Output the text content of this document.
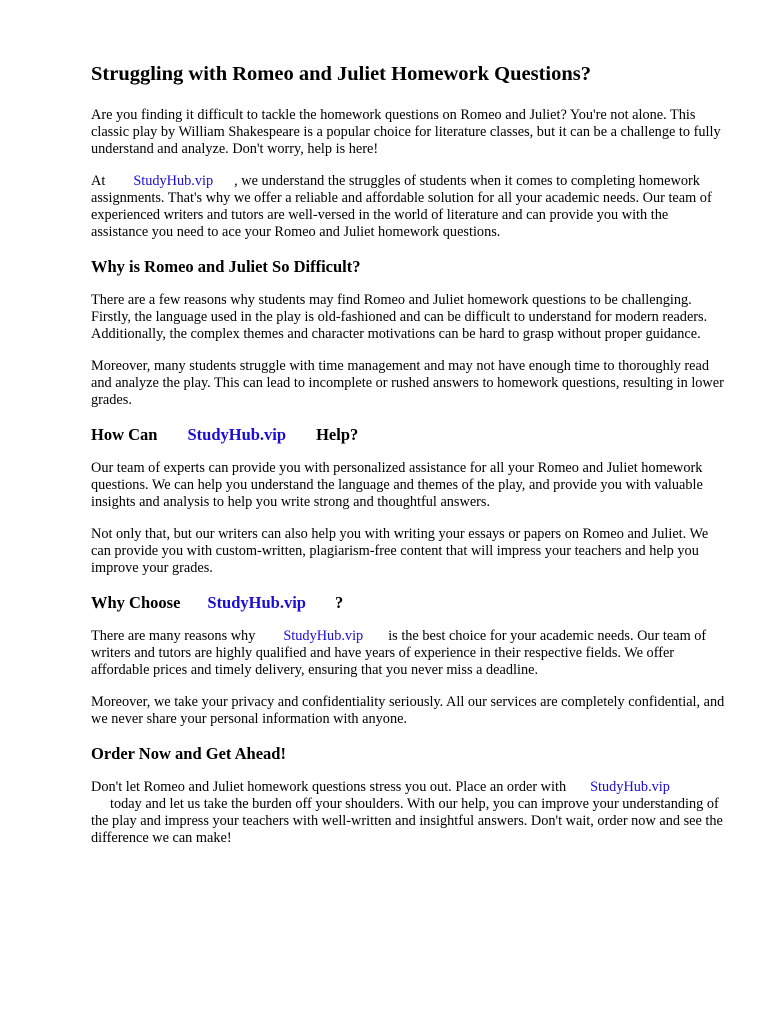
Struggling with Romeo and Juliet Homework Questions?

Are you finding it difficult to tackle the homework questions on Romeo and Juliet? You're not alone. This classic play by William Shakespeare is a popular choice for literature classes, but it can be a challenge to fully understand and analyze. Don't worry, help is here!

At StudyHub.vip , we understand the struggles of students when it comes to completing homework assignments. That's why we offer a reliable and affordable solution for all your academic needs. Our team of experienced writers and tutors are well-versed in the world of literature and can provide you with the assistance you need to ace your Romeo and Juliet homework questions.

Why is Romeo and Juliet So Difficult?

There are a few reasons why students may find Romeo and Juliet homework questions to be challenging. Firstly, the language used in the play is old-fashioned and can be difficult to understand for modern readers. Additionally, the complex themes and character motivations can be hard to grasp without proper guidance.

Moreover, many students struggle with time management and may not have enough time to thoroughly read and analyze the play. This can lead to incomplete or rushed answers to homework questions, resulting in lower grades.

How Can StudyHub.vip Help?

Our team of experts can provide you with personalized assistance for all your Romeo and Juliet homework questions. We can help you understand the language and themes of the play, and provide you with valuable insights and analysis to help you write strong and thoughtful answers.

Not only that, but our writers can also help you with writing your essays or papers on Romeo and Juliet. We can provide you with custom-written, plagiarism-free content that will impress your teachers and help you improve your grades.

Why Choose StudyHub.vip ?

There are many reasons why StudyHub.vip is the best choice for your academic needs. Our team of writers and tutors are highly qualified and have years of experience in their respective fields. We offer affordable prices and timely delivery, ensuring that you never miss a deadline.

Moreover, we take your privacy and confidentiality seriously. All our services are completely confidential, and we never share your personal information with anyone.

Order Now and Get Ahead!

Don't let Romeo and Juliet homework questions stress you out. Place an order with StudyHub.vip
today and let us take the burden off your shoulders. With our help, you can improve your understanding of the play and impress your teachers with well-written and insightful answers. Don't wait, order now and see the difference we can make!
